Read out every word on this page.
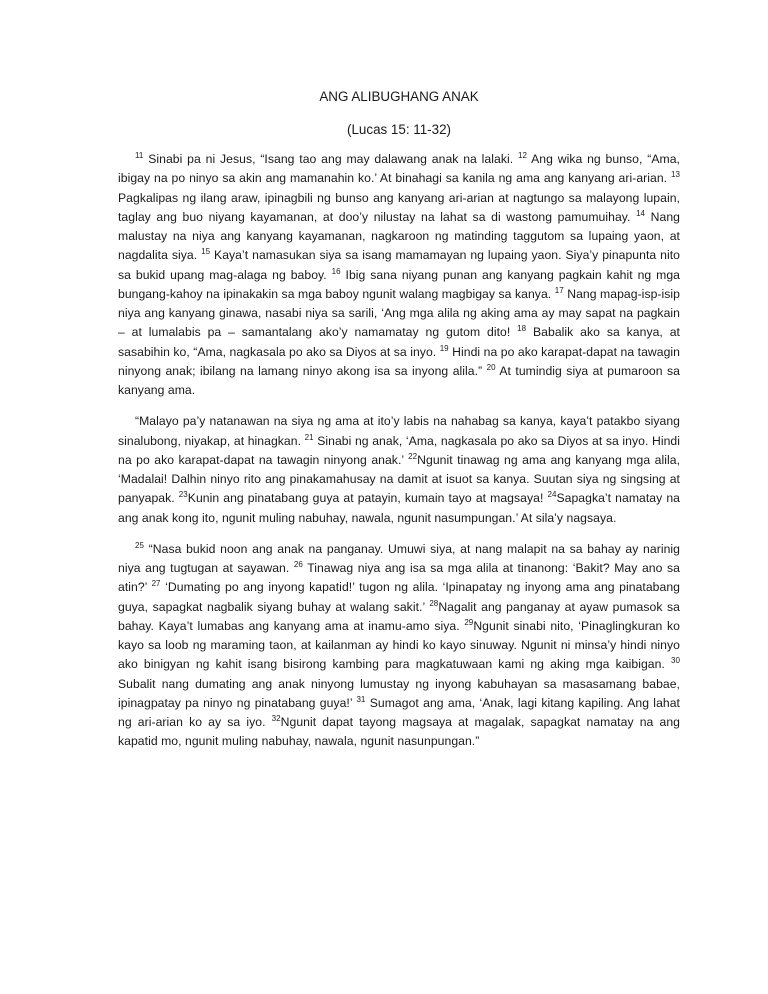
ANG ALIBUGHANG ANAK
(Lucas 15: 11-32)

$^{11}$ Sinabi pa ni Jesus, “Isang tao ang may dalawang anak na lalaki. $^{12}$ Ang wika ng bunso, “Ama, ibigay na po ninyo sa akin ang mamanahin ko.’ At binahagi sa kanila ng ama ang kanyang ari-arian. $^{13}$ Pagkalipas ng ilang araw, ipinagbili ng bunso ang kanyang ari-arian at nagtungo sa malayong lupain, taglay ang buo niyang kayamanan, at doo’y nilustay na lahat sa di wastong pamumuihay. $^{14}$ Nang malustay na niya ang kanyang kayamanan, nagkaroon ng matinding taggutom sa lupaing yaon, at nagdalita siya. $^{15}$ Kaya’t namasukan siya sa isang mamamayan ng lupaing yaon. Siya’y pinapunta nito sa bukid upang mag-alaga ng baboy. $^{16}$ Ibig sana niyang punan ang kanyang pagkain kahit ng mga bungang-kahoy na ipinakakin sa mga baboy ngunit walang magbigay sa kanya. $^{17}$ Nang mapag-isp-isip niya ang kanyang ginawa, nasabi niya sa sarili, ‘Ang mga alila ng aking ama ay may sapat na pagkain – at lumalabis pa – samantalang ako’y namamatay ng gutom dito! $^{18}$ Babalik ako sa kanya, at sasabihin ko, “Ama, nagkasala po ako sa Diyos at sa inyo. $^{19}$ Hindi na po ako karapat-dapat na tawagin ninyong anak; ibilang na lamang ninyo akong isa sa inyong alila.” $^{20}$ At tumindig siya at pumaroon sa kanyang ama.

“Malayo pa’y natanawan na siya ng ama at ito’y labis na nahabag sa kanya, kaya’t patakbo siyang sinalubong, niyakap, at hinagkan. $^{21}$ Sinabi ng anak, ‘Ama, nagkasala po ako sa Diyos at sa inyo. Hindi na po ako karapat-dapat na tawagin ninyong anak.’ $^{22}$Ngunit tinawag ng ama ang kanyang mga alila, ‘Madalai! Dalhin ninyo rito ang pinakamahusay na damit at isuot sa kanya. Suutan siya ng singsing at panyapak. $^{23}$Kunin ang pinatabang guya at patayin, kumain tayo at magsaya! $^{24}$Sapagka’t namatay na ang anak kong ito, ngunit muling nabuhay, nawala, ngunit nasumpungan.’ At sila’y nagsaya.

$^{25}$ “Nasa bukid noon ang anak na panganay. Umuwi siya, at nang malapit na sa bahay ay narinig niya ang tugtugan at sayawan. $^{26}$ Tinawag niya ang isa sa mga alila at tinanong: ‘Bakit? May ano sa atin?’ $^{27}$ ‘Dumating po ang inyong kapatid!’ tugon ng alila. ‘Ipinapatay ng inyong ama ang pinatabang guya, sapagkat nagbalik siyang buhay at walang sakit.’ $^{28}$Nagalit ang panganay at ayaw pumasok sa bahay. Kaya’t lumabas ang kanyang ama at inamu-amo siya. $^{29}$Ngunit sinabi nito, ‘Pinaglingkuran ko kayo sa loob ng maraming taon, at kailanman ay hindi ko kayo sinuway. Ngunit ni minsa’y hindi ninyo ako binigyan ng kahit isang bisirong kambing para magkatuwaan kami ng aking mga kaibigan. $^{30}$ Subalit nang dumating ang anak ninyong lumustay ng inyong kabuhayan sa masasamang babae, ipinagpatay pa ninyo ng pinatabang guya!’ $^{31}$ Sumagot ang ama, ‘Anak, lagi kitang kapiling. Ang lahat ng ari-arian ko ay sa iyo. $^{32}$Ngunit dapat tayong magsaya at magalak, sapagkat namatay na ang kapatid mo, ngunit muling nabuhay, nawala, ngunit nasunpungan.”
